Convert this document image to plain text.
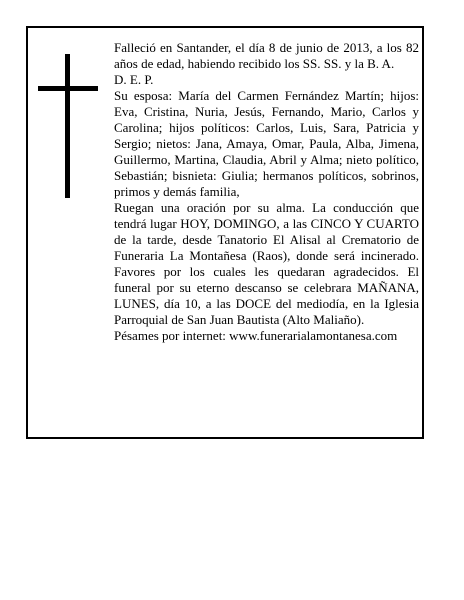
Falleció en Santander, el día 8 de junio de 2013, a los 82 años de edad, habiendo recibido los SS. SS. y la B. A.

D. E. P.

Su esposa: María del Carmen Fernández Martín; hijos: Eva, Cristina, Nuria, Jesús, Fernando, Mario, Carlos y Carolina; hijos políticos: Carlos, Luis, Sara, Patricia y Sergio; nietos: Jana, Amaya, Omar, Paula, Alba, Jimena, Guillermo, Martina, Claudia, Abril y Alma; nieto político, Sebastián; bisnieta: Giulia; hermanos políticos, sobrinos, primos y demás familia,

Ruegan una oración por su alma. La conducción que tendrá lugar HOY, DOMINGO, a las CINCO Y CUARTO de la tarde, desde Tanatorio El Alisal al Crematorio de Funeraria La Montañesa (Raos), donde será incinerado. Favores por los cuales les quedaran agradecidos. El funeral por su eterno descanso se celebrara MAÑANA, LUNES, día 10, a las DOCE del mediodía, en la Iglesia Parroquial de San Juan Bautista (Alto Maliaño).

Pésames por internet: www.funerarialamontanesa.com
